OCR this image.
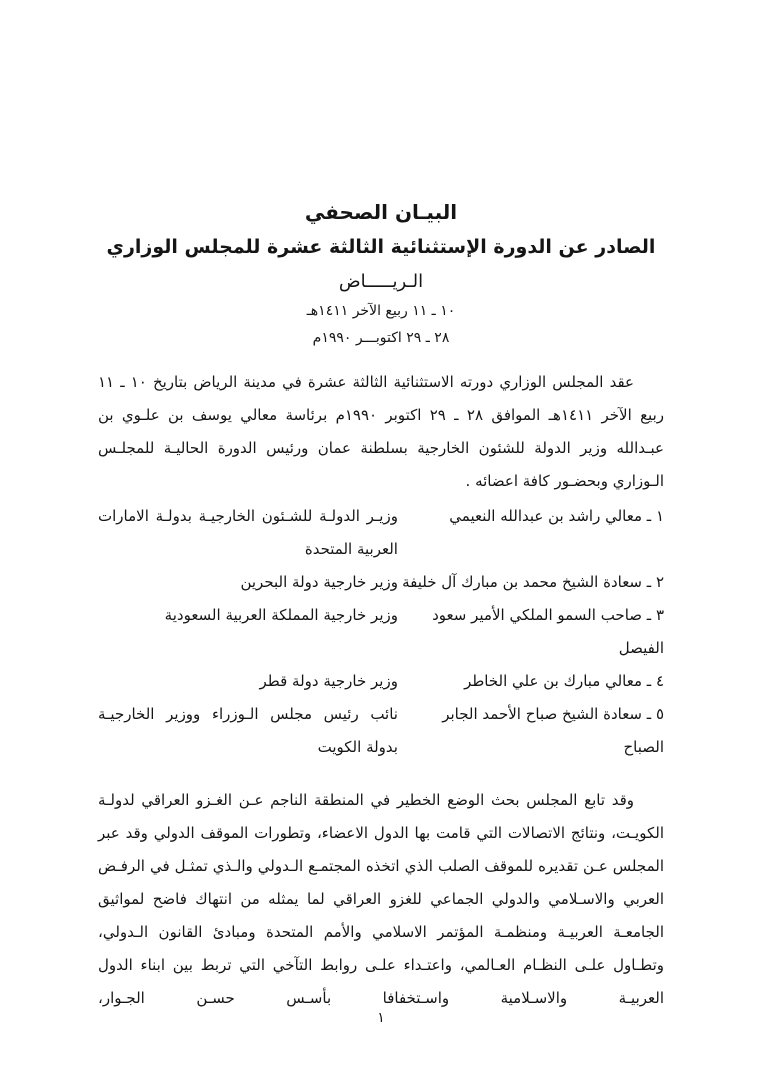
البيـان الصحفي
الصادر عن الدورة الإستثنائية الثالثة عشرة للمجلس الوزاري
الـريـــــاض
١٠ ـ ١١ ربيع الآخر ١٤١١هـ
٢٨ ـ ٢٩ اكتوبـــر ١٩٩٠م

عقد المجلس الوزاري دورته الاستثنائية الثالثة عشرة في مدينة الرياض بتاريخ ١٠ ـ ١١ ربيع الآخر ١٤١١هـ الموافق ٢٨ ـ ٢٩ اكتوبر ١٩٩٠م برئاسة معالي يوسف بن علـوي بن عبـدالله وزير الدولة للشئون الخارجية بسلطنة عمان ورئيس الدورة الحاليـة للمجلـس الـوزاري وبحضـور كافة اعضائه .

١ ـ معالي راشد بن عبدالله النعيمي
وزيـر الدولـة للشـئون الخارجيـة بدولـة الامارات العربية المتحدة
٢ ـ سعادة الشيخ محمد بن مبارك آل خليفة
وزير خارجية دولة البحرين
٣ ـ صاحب السمو الملكي الأمير سعود الفيصل
وزير خارجية المملكة العربية السعودية
٤ ـ معالي مبارك بن علي الخاطر
وزير خارجية دولة قطر
٥ ـ سعادة الشيخ صباح الأحمد الجابر الصباح
نائب رئيس مجلس الـوزراء ووزير الخارجيـة بدولة الكويت

وقد تابع المجلس بحث الوضع الخطير في المنطقة الناجم عـن الغـزو العراقي لدولـة الكويـت، ونتائج الاتصالات التي قامت بها الدول الاعضاء، وتطورات الموقف الدولي وقد عبر المجلس عـن تقديره للموقف الصلب الذي اتخذه المجتمـع الـدولي والـذي تمثـل في الرفـض العربي والاسـلامي والدولي الجماعي للغزو العراقي لما يمثله من انتهاك فاضح لمواثيق الجامعـة العربيـة ومنظمـة المؤتمر الاسلامي والأمم المتحدة ومبادئ القانون الـدولي، وتطـاول علـى النظـام العـالمي، واعتـداء علـى روابط التآخي التي تربط بين ابناء الدول العربيـة والاسـلامية واسـتخفافا بأسـس حسـن الجـوار،

١
